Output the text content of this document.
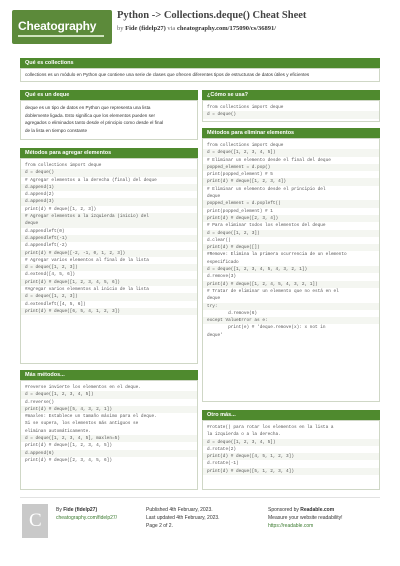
Cheatography
Python -> Collections.deque() Cheat Sheet
by Fide (fidelp27) via cheatography.com/175090/cs/36891/
Qué es collections
collections es un módulo en Python que contiene una serie de clases que ofrecen diferentes tipos de estructuras de datos útiles y eficientes
Qué es un deque
deque es un tipo de datos en Python que representa una lista
doblemente ligada. Esto significa que los elementos pueden ser
agregados o eliminados tanto desde el principio como desde el final
de la lista en tiempo constante
Métodos para agregar elementos
from collections import deque
d = deque()
# Agregar elementos a la derecha (final) del deque
d.append(1)
d.append(2)
d.append(3)
print(d) # deque([1, 2, 3])
# Agregar elementos a la izquierda (inicio) del
deque
d.appendleft(0)
d.appendleft(-1)
d.appendleft(-2)
print(d) # deque([-2, -1, 0, 1, 2, 3])
# Agregar varios elementos al final de la lista
d = deque([1, 2, 3])
d.extend([4, 5, 6])
print(d) # deque([1, 2, 3, 4, 5, 6])
#Agregar varios elementos al inicio de la lista
d = deque([1, 2, 3])
d.extendleft([4, 5, 6])
print(d) # deque([6, 5, 4, 1, 2, 3])
Más métodos...
#reverse invierte los elementos en el deque.
d = deque([1, 2, 3, 4, 5])
d.reverse()
print(d) # deque([5, 4, 3, 2, 1])
#maxlen: Establece un tamaño máximo para el deque.
Si se supera, los elementos más antiguos se
eliminan automáticamente.
d = deque([1, 2, 3, 4, 5], maxlen=5)
print(d) # deque([1, 2, 3, 4, 5])
d.append(6)
print(d) # deque([2, 3, 4, 5, 6])
¿Cómo se usa?
from collections import deque
d = deque()
Métodos para eliminar elementos
from collections import deque
d = deque([1, 2, 3, 4, 5])
# Eliminar un elemento desde el final del deque
popped_element = d.pop()
print(popped_element) # 5
print(d) # deque([1, 2, 3, 4])
# Eliminar un elemento desde el principio del
deque
popped_element = d.popleft()
print(popped_element) # 1
print(d) # deque([2, 3, 4])
# Para eliminar todos los elementos del deque
d = deque([1, 2, 3])
d.clear()
print(d) # deque([])
#Remove: Elimina la primera ocurrencia de un elemento
especificado
d = deque([1, 2, 3, 4, 5, 4, 3, 2, 1])
d.remove(3)
print(d) # deque([1, 2, 4, 5, 4, 3, 2, 1])
# Tratar de eliminar un elemento que no está en el
deque
try:
d.remove(6)
except ValueError as e:
print(e) # 'deque.remove(x): x not in
deque'
Otro más...
#rotate() para rotar los elementos en la lista a
la izquierda o a la derecha.
d = deque([1, 2, 3, 4, 5])
d.rotate(2)
print(d) # deque([4, 5, 1, 2, 3])
d.rotate(-1)
print(d) # deque([5, 1, 2, 3, 4])
C	By Fide (fidelp27)
cheatography.com/fidelp27/
Published 4th February, 2023.
Last updated 4th February, 2023.
Page 2 of 2.
Sponsored by Readable.com
Measure your website readability!
https://readable.com
